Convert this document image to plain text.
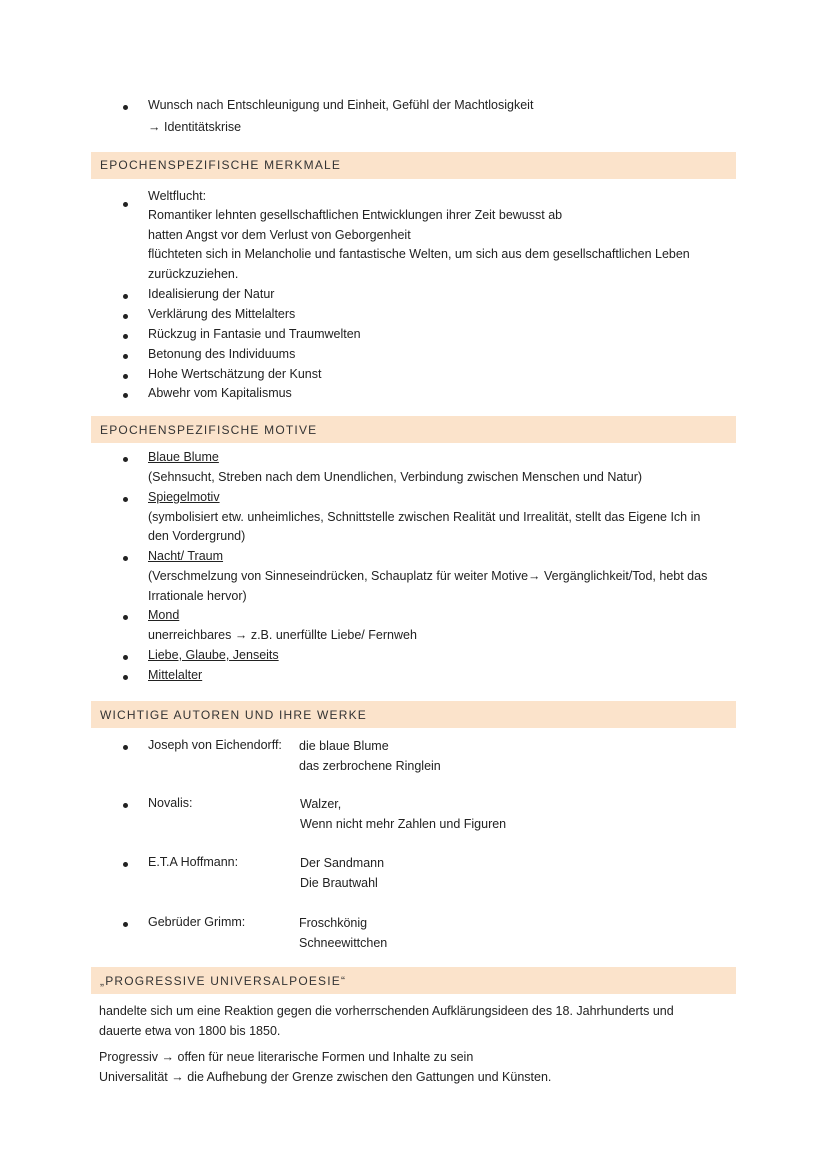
Wunsch nach Entschleunigung und Einheit, Gefühl der Machtlosigkeit
→ Identitätskrise
EPOCHENSPEZIFISCHE MERKMALE
Weltflucht:
Romantiker lehnten gesellschaftlichen Entwicklungen ihrer Zeit bewusst ab
hatten Angst vor dem Verlust von Geborgenheit
flüchteten sich in Melancholie und fantastische Welten, um sich aus dem gesellschaftlichen Leben
zurückzuziehen.
Idealisierung der Natur
Verklärung des Mittelalters
Rückzug in Fantasie und Traumwelten
Betonung des Individuums
Hohe Wertschätzung der Kunst
Abwehr vom Kapitalismus
EPOCHENSPEZIFISCHE MOTIVE
Blaue Blume
(Sehnsucht, Streben nach dem Unendlichen, Verbindung zwischen Menschen und Natur)
Spiegelmotiv
(symbolisiert etw. unheimliches, Schnittstelle zwischen Realität und Irrealität, stellt das Eigene Ich in
den Vordergrund)
Nacht/ Traum
(Verschmelzung von Sinneseindrücken, Schauplatz für weiter Motive→ Vergänglichkeit/Tod, hebt das
Irrationale hervor)
Mond
unerreichbares → z.B. unerfüllte Liebe/ Fernweh
Liebe, Glaube, Jenseits
Mittelalter
WICHTIGE AUTOREN UND IHRE WERKE
Joseph von Eichendorff: die blaue Blume
das zerbrochene Ringlein
Novalis:	Walzer,
Wenn nicht mehr Zahlen und Figuren
E.T.A Hoffmann:	Der Sandmann
Die Brautwahl
Gebrüder Grimm:	Froschkönig
Schneewittchen
„PROGRESSIVE UNIVERSALPOESIE“
handelte sich um eine Reaktion gegen die vorherrschenden Aufklärungsideen des 18. Jahrhunderts und
dauerte etwa von 1800 bis 1850.
Progressiv → offen für neue literarische Formen und Inhalte zu sein
Universalität → die Aufhebung der Grenze zwischen den Gattungen und Künsten.
